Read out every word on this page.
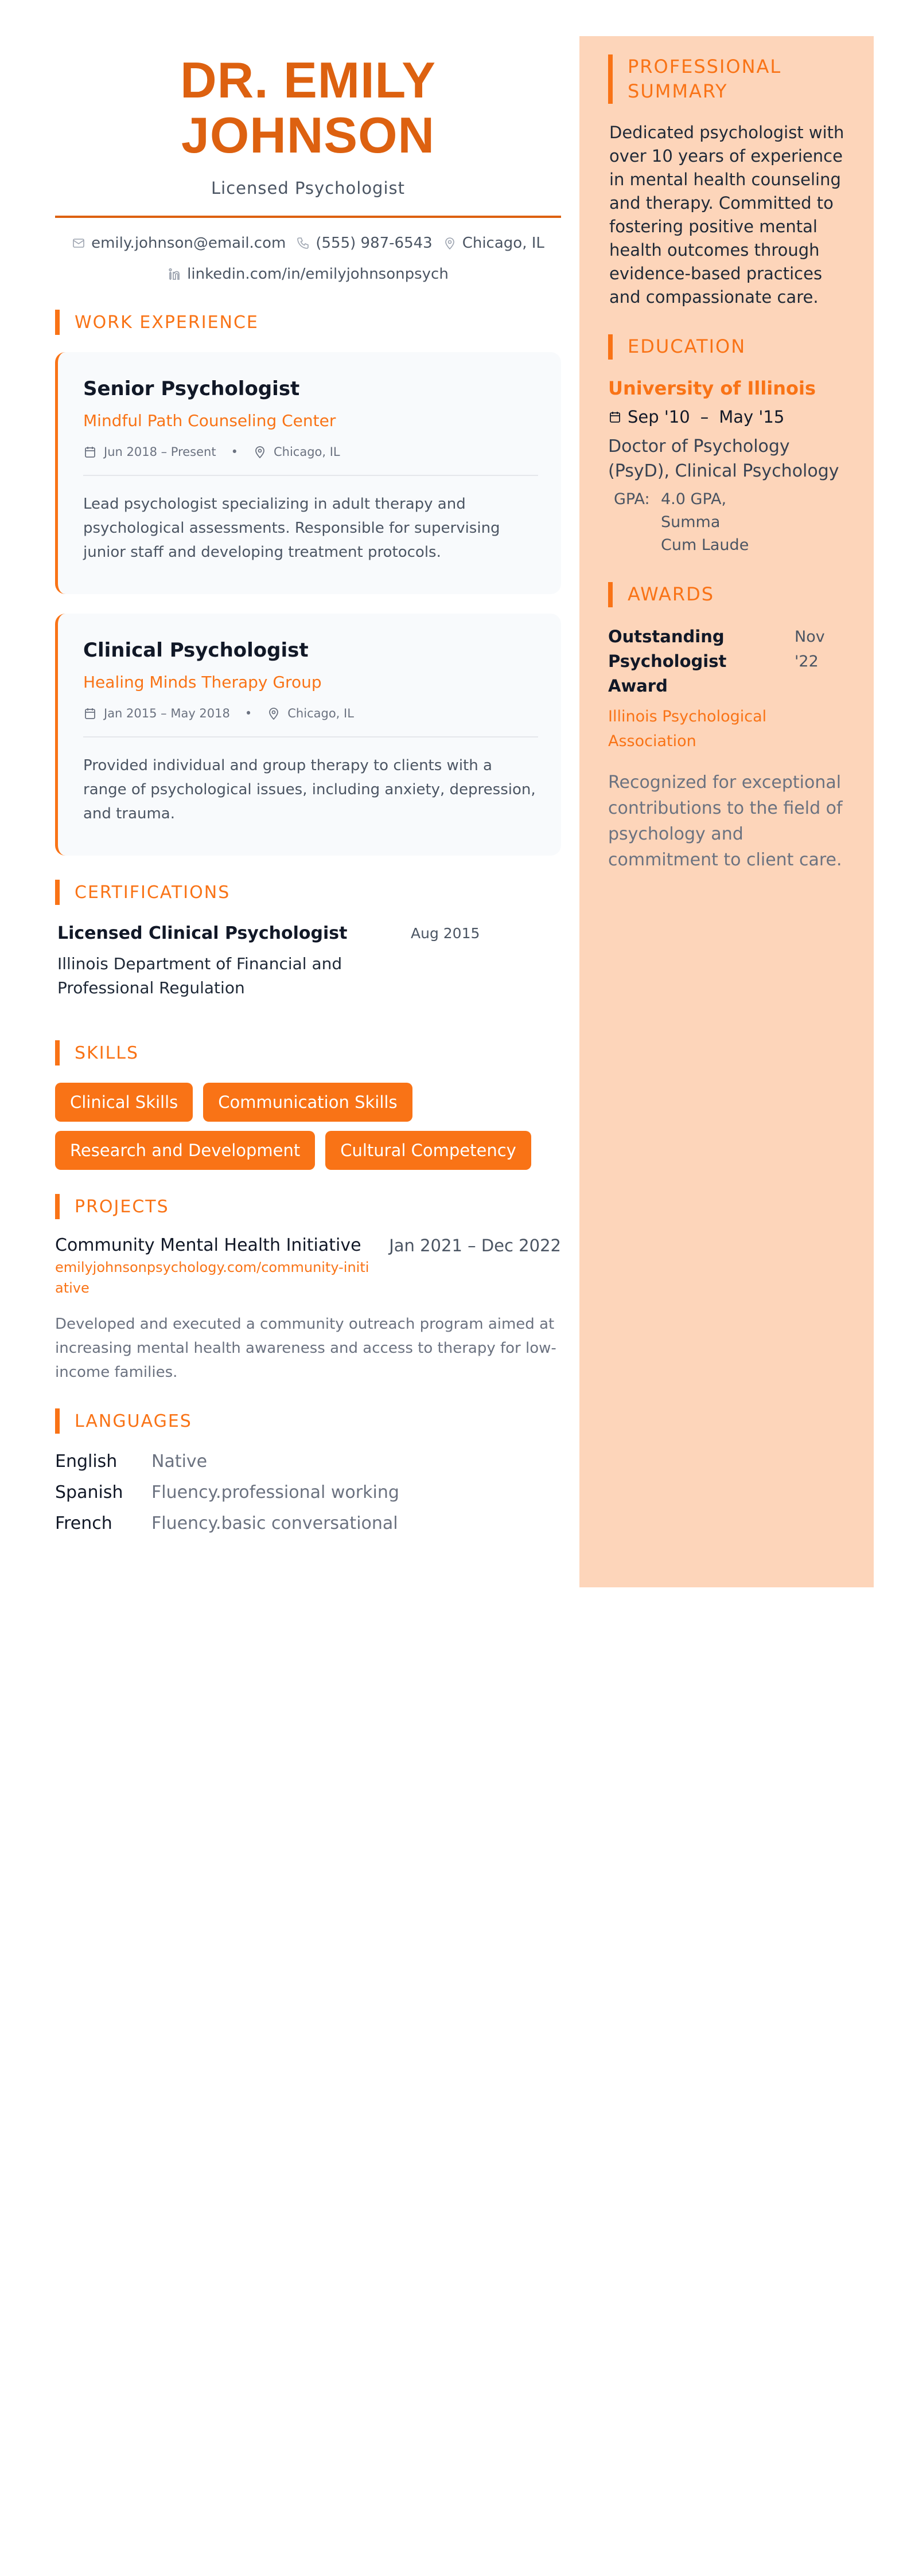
DR. EMILY JOHNSON
Licensed Psychologist
emily.johnson@email.com (555) 987-6543 Chicago, IL
linkedin.com/in/emilyjohnsonpsych
WORK EXPERIENCE
Senior Psychologist
Mindful Path Counseling Center
Jun 2018 – Present •	Chicago, IL

Lead psychologist specializing in adult therapy and psychological assessments. Responsible for supervising junior staff and developing treatment protocols.

Clinical Psychologist
Healing Minds Therapy Group
Jan 2015 – May 2018 •	Chicago, IL

Provided individual and group therapy to clients with a range of psychological issues, including anxiety, depression, and trauma.

CERTIFICATIONS
Licensed Clinical Psychologist
Illinois Department of Financial and Professional Regulation
Aug 2015
SKILLS
Clinical Skills	Communication Skills
Research and Development	Cultural Competency
PROJECTS
Community Mental Health Initiative Jan 2021 – Dec 2022
emilyjohnsonpsychology.com/community-initiative

Developed and executed a community outreach program aimed at increasing mental health awareness and access to therapy for low-income families.

LANGUAGES
English	Native
Spanish	Fluency.professional working
French	Fluency.basic conversational
PROFESSIONAL SUMMARY

Dedicated psychologist with over 10 years of experience in mental health counseling and therapy. Committed to fostering positive mental health outcomes through evidence-based practices and compassionate care.

EDUCATION
University of Illinois
Sep '10 – May '15
Doctor of Psychology (PsyD), Clinical Psychology
GPA: 4.0 GPA, Summa Cum Laude
AWARDS
Outstanding Psychologist Award
Nov '22
Illinois Psychological Association

Recognized for exceptional contributions to the field of psychology and commitment to client care.
